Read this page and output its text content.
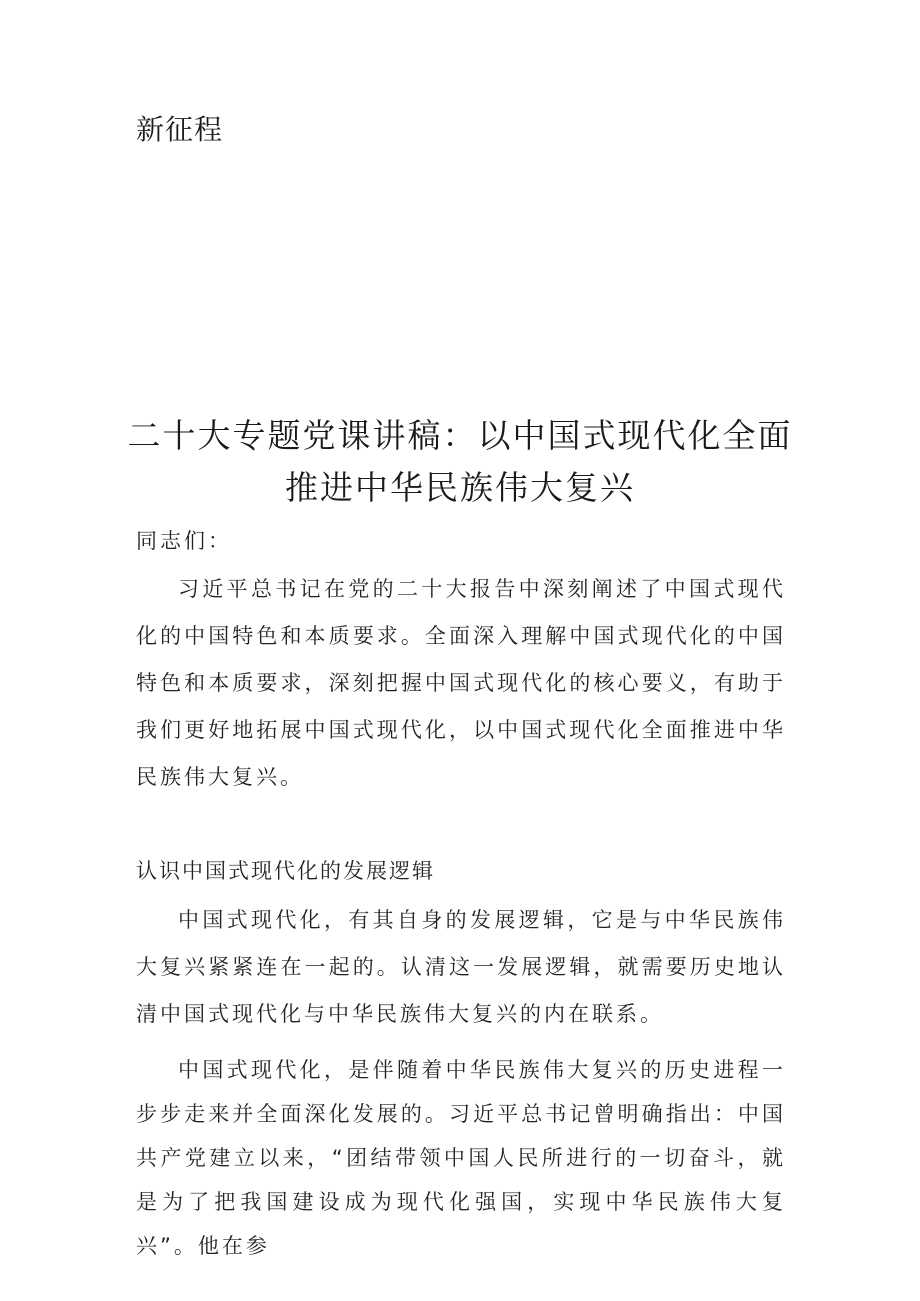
新征程
二十大专题党课讲稿：以中国式现代化全面
推进中华民族伟大复兴
同志们：

习近平总书记在党的二十大报告中深刻阐述了中国式现代化的中国特色和本质要求。全面深入理解中国式现代化的中国特色和本质要求，深刻把握中国式现代化的核心要义，有助于我们更好地拓展中国式现代化，以中国式现代化全面推进中华民族伟大复兴。

认识中国式现代化的发展逻辑

中国式现代化，有其自身的发展逻辑，它是与中华民族伟大复兴紧紧连在一起的。认清这一发展逻辑，就需要历史地认清中国式现代化与中华民族伟大复兴的内在联系。

中国式现代化，是伴随着中华民族伟大复兴的历史进程一步步走来并全面深化发展的。习近平总书记曾明确指出：中国共产党建立以来，“团结带领中国人民所进行的一切奋斗，就是为了把我国建设成为现代化强国，实现中华民族伟大复兴”。他在参
